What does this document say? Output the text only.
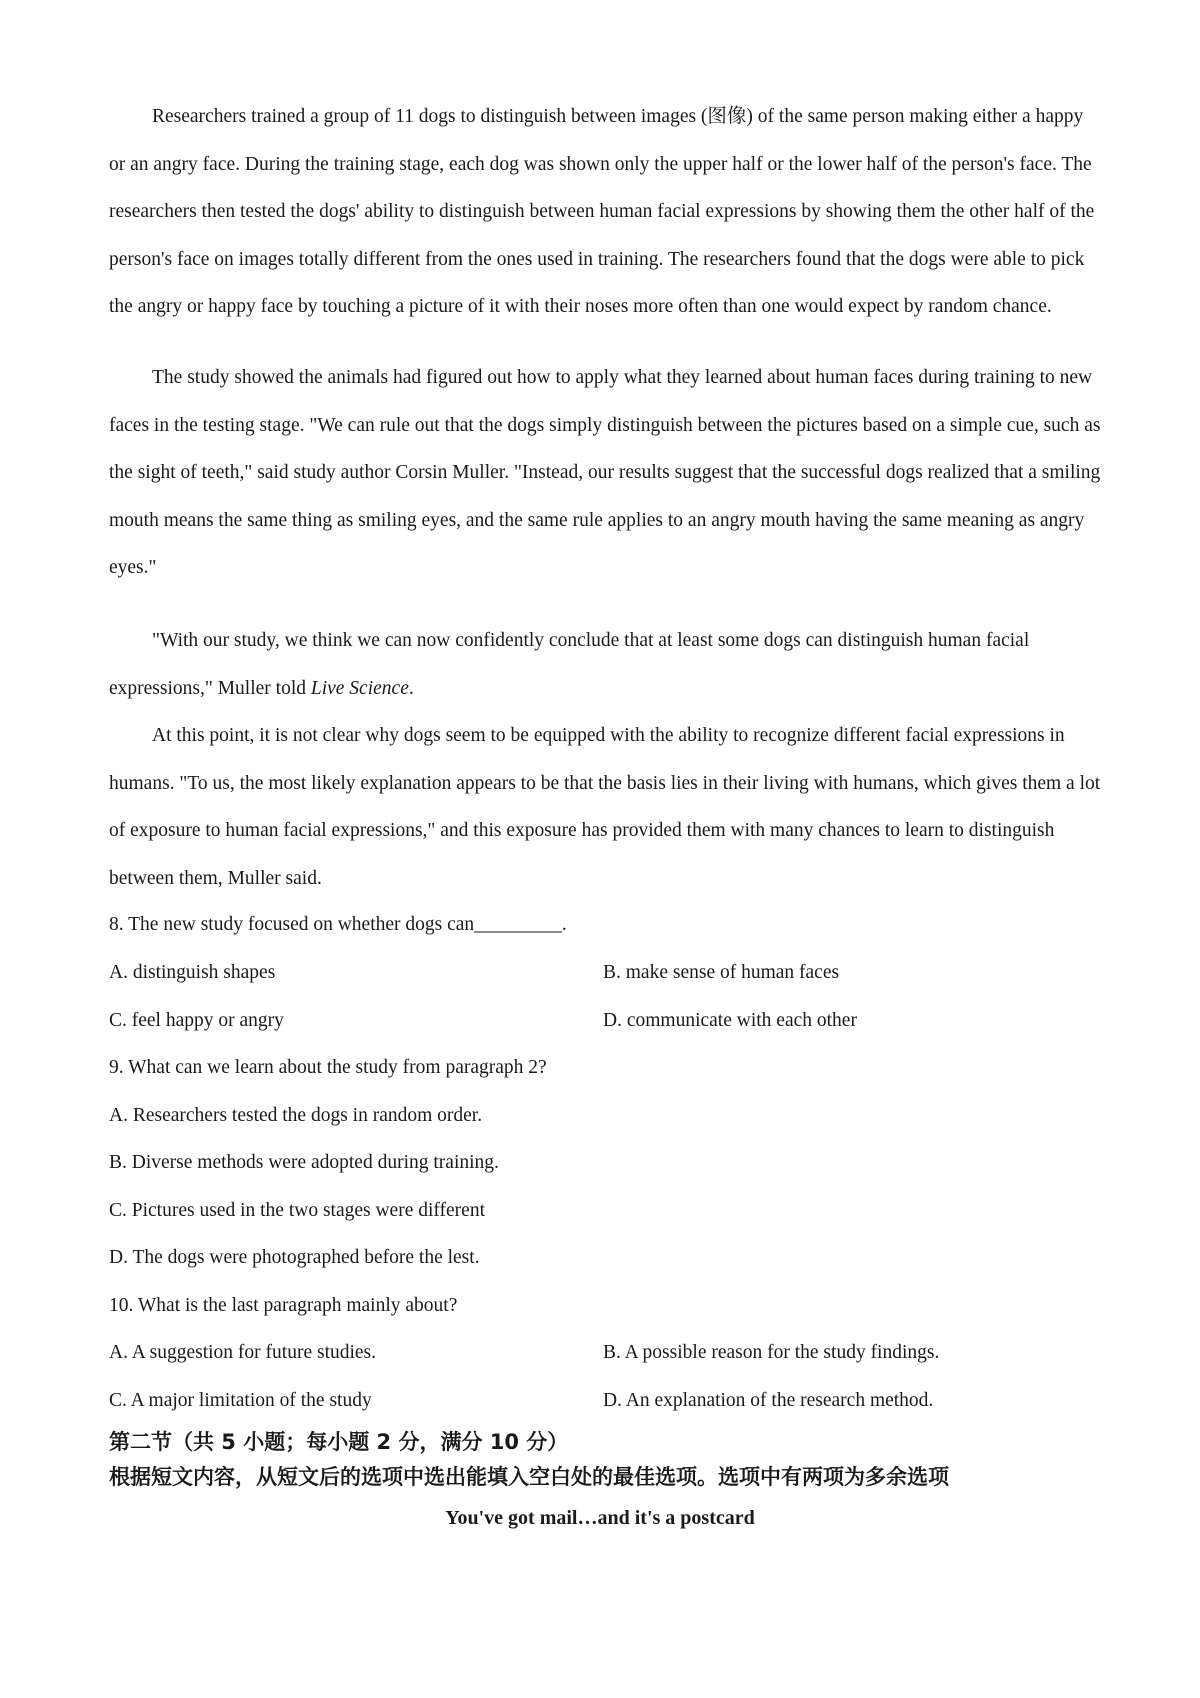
Researchers trained a group of 11 dogs to distinguish between images (图像) of the same person making either a happy or an angry face. During the training stage, each dog was shown only the upper half or the lower half of the person's face. The researchers then tested the dogs' ability to distinguish between human facial expressions by showing them the other half of the person's face on images totally different from the ones used in training. The researchers found that the dogs were able to pick the angry or happy face by touching a picture of it with their noses more often than one would expect by random chance.

The study showed the animals had figured out how to apply what they learned about human faces during training to new faces in the testing stage. "We can rule out that the dogs simply distinguish between the pictures based on a simple cue, such as the sight of teeth," said study author Corsin Muller. "Instead, our results suggest that the successful dogs realized that a smiling mouth means the same thing as smiling eyes, and the same rule applies to an angry mouth having the same meaning as angry eyes."

"With our study, we think we can now confidently conclude that at least some dogs can distinguish human facial expressions," Muller told Live Science.

At this point, it is not clear why dogs seem to be equipped with the ability to recognize different facial expressions in humans. "To us, the most likely explanation appears to be that the basis lies in their living with humans, which gives them a lot of exposure to human facial expressions," and this exposure has provided them with many chances to learn to distinguish between them, Muller said.

8. The new study focused on whether dogs can_________.

A. distinguish shapes	B. make sense of human faces

C. feel happy or angry	D. communicate with each other

9. What can we learn about the study from paragraph 2?

A. Researchers tested the dogs in random order.

B. Diverse methods were adopted during training.

C. Pictures used in the two stages were different

D. The dogs were photographed before the lest.

10. What is the last paragraph mainly about?

A. A suggestion for future studies.	B. A possible reason for the study findings.

C. A major limitation of the study	D. An explanation of the research method.

第二节（共 5 小题；每小题 2 分，满分 10 分）

根据短文内容，从短文后的选项中选出能填入空白处的最佳选项。选项中有两项为多余选项

You've got mail…and it's a postcard
